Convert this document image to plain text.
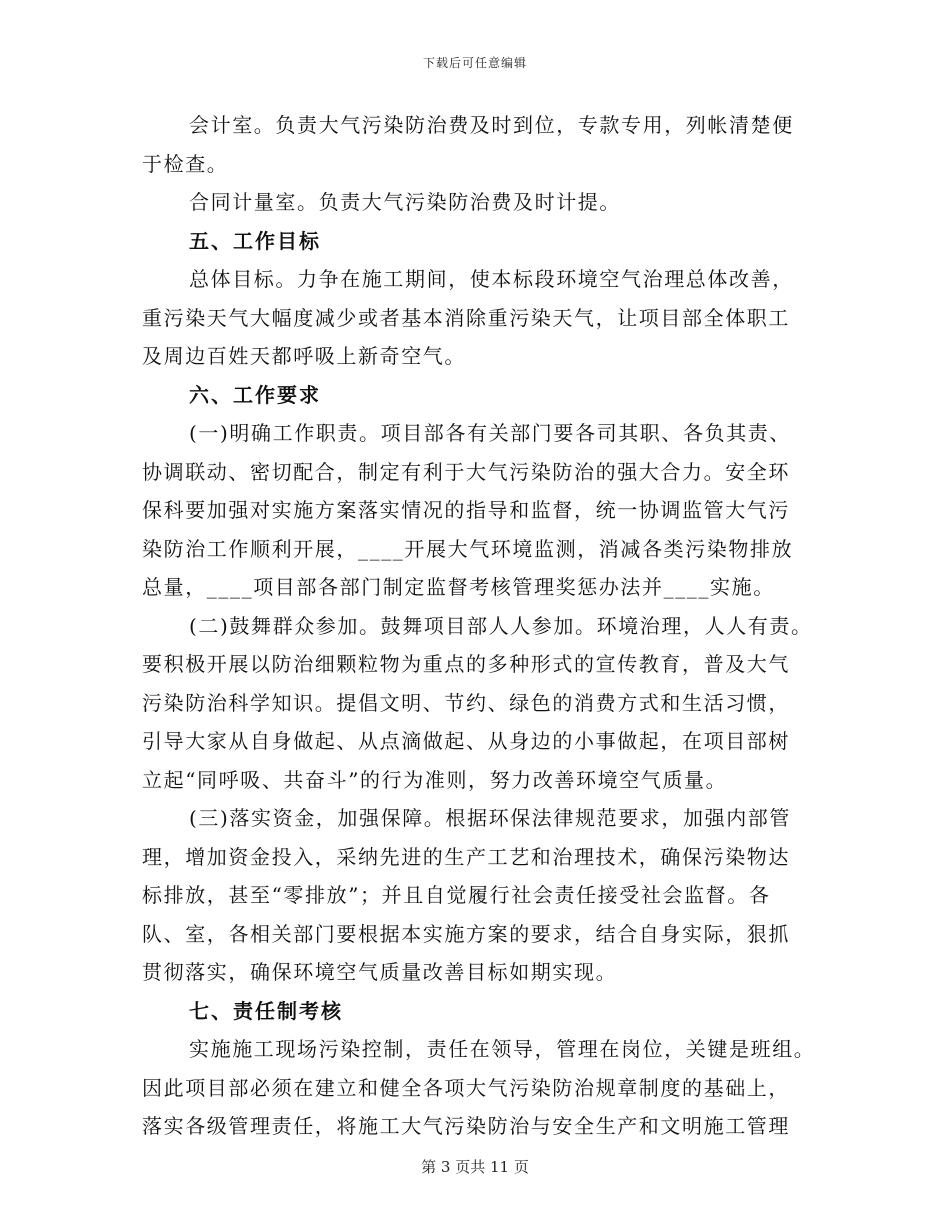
下载后可任意编辑
会计室。负责大气污染防治费及时到位，专款专用，列帐清楚便
于检查。
合同计量室。负责大气污染防治费及时计提。
五、工作目标
总体目标。力争在施工期间，使本标段环境空气治理总体改善，
重污染天气大幅度减少或者基本消除重污染天气，让项目部全体职工
及周边百姓天都呼吸上新奇空气。
六、工作要求
(一)明确工作职责。项目部各有关部门要各司其职、各负其责、
协调联动、密切配合，制定有利于大气污染防治的强大合力。安全环
保科要加强对实施方案落实情况的指导和监督，统一协调监管大气污
染防治工作顺利开展，____开展大气环境监测，消减各类污染物排放
总量，____项目部各部门制定监督考核管理奖惩办法并____实施。
(二)鼓舞群众参加。鼓舞项目部人人参加。环境治理，人人有责。
要积极开展以防治细颗粒物为重点的多种形式的宣传教育，普及大气
污染防治科学知识。提倡文明、节约、绿色的消费方式和生活习惯，
引导大家从自身做起、从点滴做起、从身边的小事做起，在项目部树
立起“同呼吸、共奋斗”的行为准则，努力改善环境空气质量。
(三)落实资金，加强保障。根据环保法律规范要求，加强内部管
理，增加资金投入，采纳先进的生产工艺和治理技术，确保污染物达
标排放，甚至“零排放”；并且自觉履行社会责任接受社会监督。各
队、室，各相关部门要根据本实施方案的要求，结合自身实际，狠抓
贯彻落实，确保环境空气质量改善目标如期实现。
七、责任制考核
实施施工现场污染控制，责任在领导，管理在岗位，关键是班组。
因此项目部必须在建立和健全各项大气污染防治规章制度的基础上，
落实各级管理责任，将施工大气污染防治与安全生产和文明施工管理
第 3 页共 11 页
